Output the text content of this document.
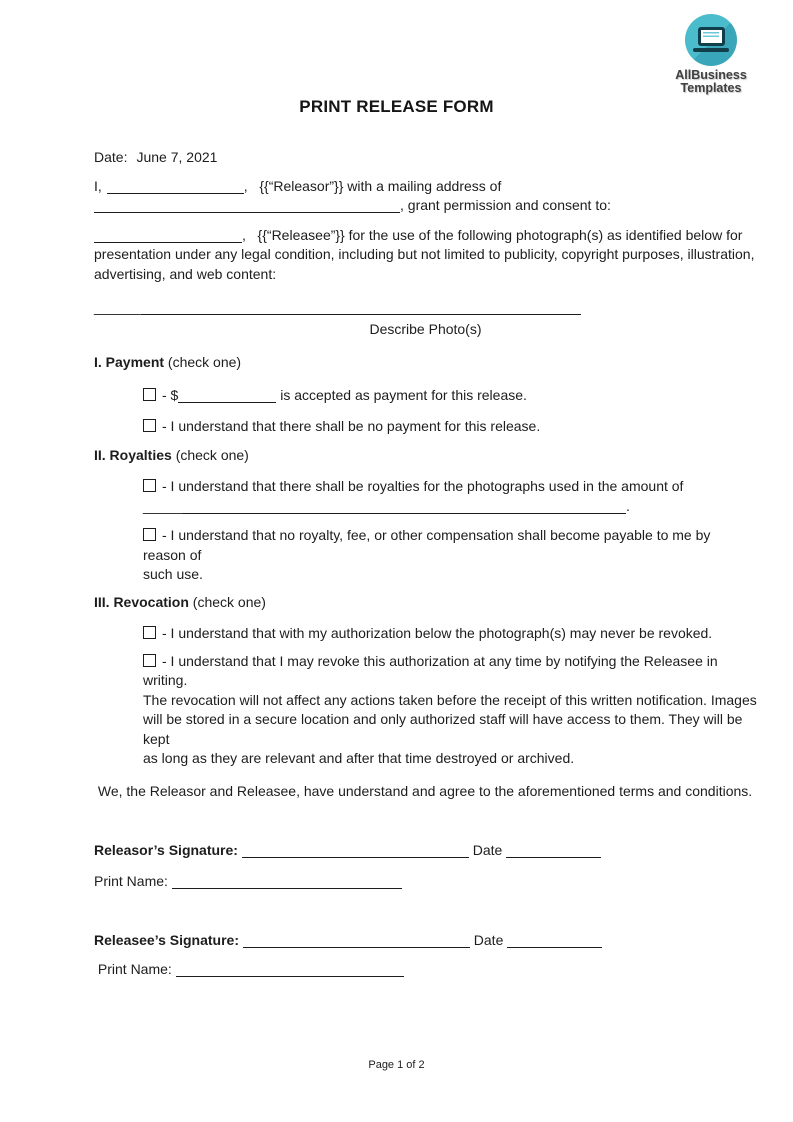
AllBusiness
Templates
PRINT RELEASE FORM
Date: June 7, 2021
I,	,   {{“Releasor”}} with a mailing address of
, grant permission and consent to:
,   {{“Releasee”}} for the use of the following photograph(s) as identified below for
presentation under any legal condition, including but not limited to publicity, copyright purposes, illustration,
advertising, and web content:
______
Describe Photo(s)
I. Payment (check one)
- $	is accepted as payment for this release.
- I understand that there shall be no payment for this release.
II. Royalties (check one)
- I understand that there shall be royalties for the photographs used in the amount of
_____	.
- I understand that no royalty, fee, or other compensation shall become payable to me by reason of
such use.
III. Revocation (check one)
- I understand that with my authorization below the photograph(s) may never be revoked.
- I understand that I may revoke this authorization at any time by notifying the Releasee in writing.
The revocation will not affect any actions taken before the receipt of this written notification. Images
will be stored in a secure location and only authorized staff will have access to them. They will be kept
as long as they are relevant and after that time destroyed or archived.
We, the Releasor and Releasee, have understand and agree to the aforementioned terms and conditions.
Releasor’s Signature:	Date
Print Name:
Releasee’s Signature:	Date
Print Name:
Page 1 of 2
